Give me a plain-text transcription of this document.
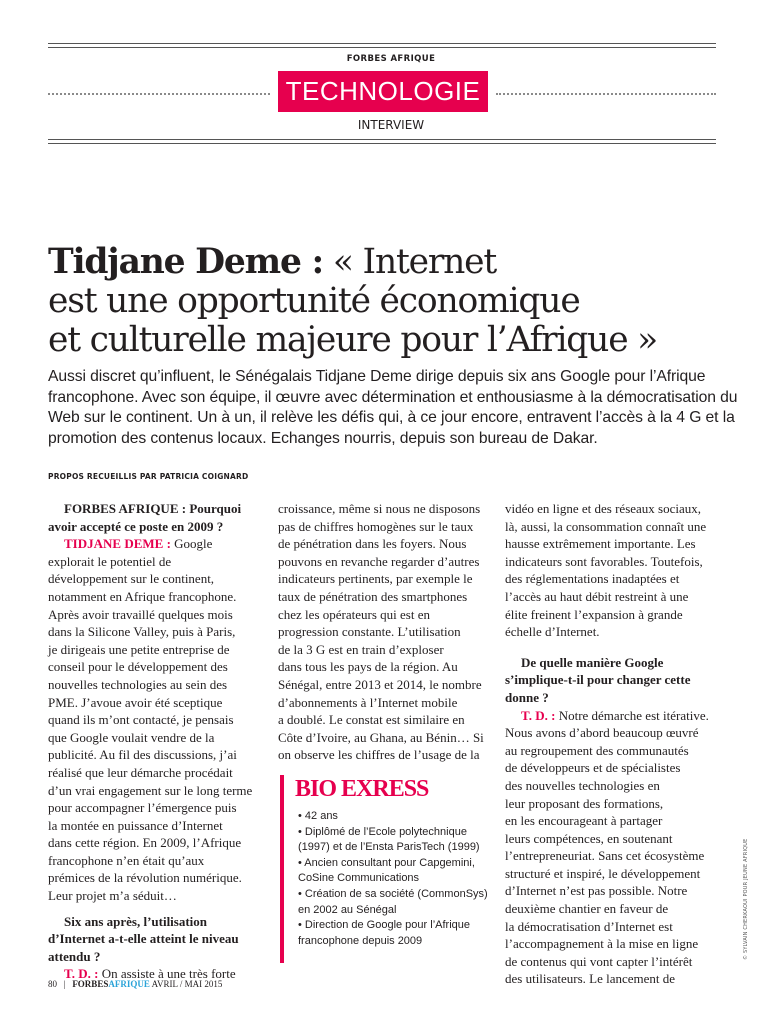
FORBES AFRIQUE
TECHNOLOGIE
INTERVIEW
Tidjane Deme : « Internet
est une opportunité économique
et culturelle majeure pour l’Afrique »
Aussi discret qu’influent, le Sénégalais Tidjane Deme dirige depuis six ans Google pour l’Afrique francophone. Avec son équipe, il œuvre avec détermination et enthousiasme à la démocratisation du Web sur le continent. Un à un, il relève les défis qui, à ce jour encore, entravent l’accès à la 4 G et la promotion des contenus locaux. Echanges nourris, depuis son bureau de Dakar.
PROPOS RECUEILLIS PAR PATRICIA COIGNARD
FORBES AFRIQUE : Pourquoi
avoir accepté ce poste en 2009 ?
TIDJANE DEME : Google
explorait le potentiel de
développement sur le continent,
notamment en Afrique francophone.
Après avoir travaillé quelques mois
dans la Silicone Valley, puis à Paris,
je dirigeais une petite entreprise de
conseil pour le développement des
nouvelles technologies au sein des
PME. J’avoue avoir été sceptique
quand ils m’ont contacté, je pensais
que Google voulait vendre de la
publicité. Au fil des discussions, j’ai
réalisé que leur démarche procédait
d’un vrai engagement sur le long terme
pour accompagner l’émergence puis
la montée en puissance d’Internet
dans cette région. En 2009, l’Afrique
francophone n’en était qu’aux
prémices de la révolution numérique.
Leur projet m’a séduit…
Six ans après, l’utilisation
d’Internet a-t-elle atteint le niveau
attendu ?
T. D. : On assiste à une très forte
croissance, même si nous ne disposons
pas de chiffres homogènes sur le taux
de pénétration dans les foyers. Nous
pouvons en revanche regarder d’autres
indicateurs pertinents, par exemple le
taux de pénétration des smartphones
chez les opérateurs qui est en
progression constante. L’utilisation
de la 3 G est en train d’exploser
dans tous les pays de la région. Au
Sénégal, entre 2013 et 2014, le nombre
d’abonnements à l’Internet mobile
a doublé. Le constat est similaire en
Côte d’Ivoire, au Ghana, au Bénin… Si
on observe les chiffres de l’usage de la
BIO EXRESS
• 42 ans
• Diplômé de l’Ecole polytechnique
(1997) et de l’Ensta ParisTech (1999)
• Ancien consultant pour Capgemini,
CoSine Communications
• Création de sa société (CommonSys)
en 2002 au Sénégal
• Direction de Google pour l’Afrique
francophone depuis 2009
vidéo en ligne et des réseaux sociaux,
là, aussi, la consommation connaît une
hausse extrêmement importante. Les
indicateurs sont favorables. Toutefois,
des réglementations inadaptées et
l’accès au haut débit restreint à une
élite freinent l’expansion à grande
échelle d’Internet.
De quelle manière Google
s’implique-t-il pour changer cette
donne ?
T. D. : Notre démarche est itérative.
Nous avons d’abord beaucoup œuvré
au regroupement des communautés
de développeurs et de spécialistes
des nouvelles technologies en
leur proposant des formations,
en les encourageant à partager
leurs compétences, en soutenant
l’entrepreneuriat. Sans cet écosystème
structuré et inspiré, le développement
d’Internet n’est pas possible. Notre
deuxième chantier en faveur de
la démocratisation d’Internet est
l’accompagnement à la mise en ligne
de contenus qui vont capter l’intérêt
des utilisateurs. Le lancement de
© SYLVAIN CHERKAOUI POUR JEUNE AFRIQUE
80 | FORBESAFRIQUE AVRIL / MAI 2015
